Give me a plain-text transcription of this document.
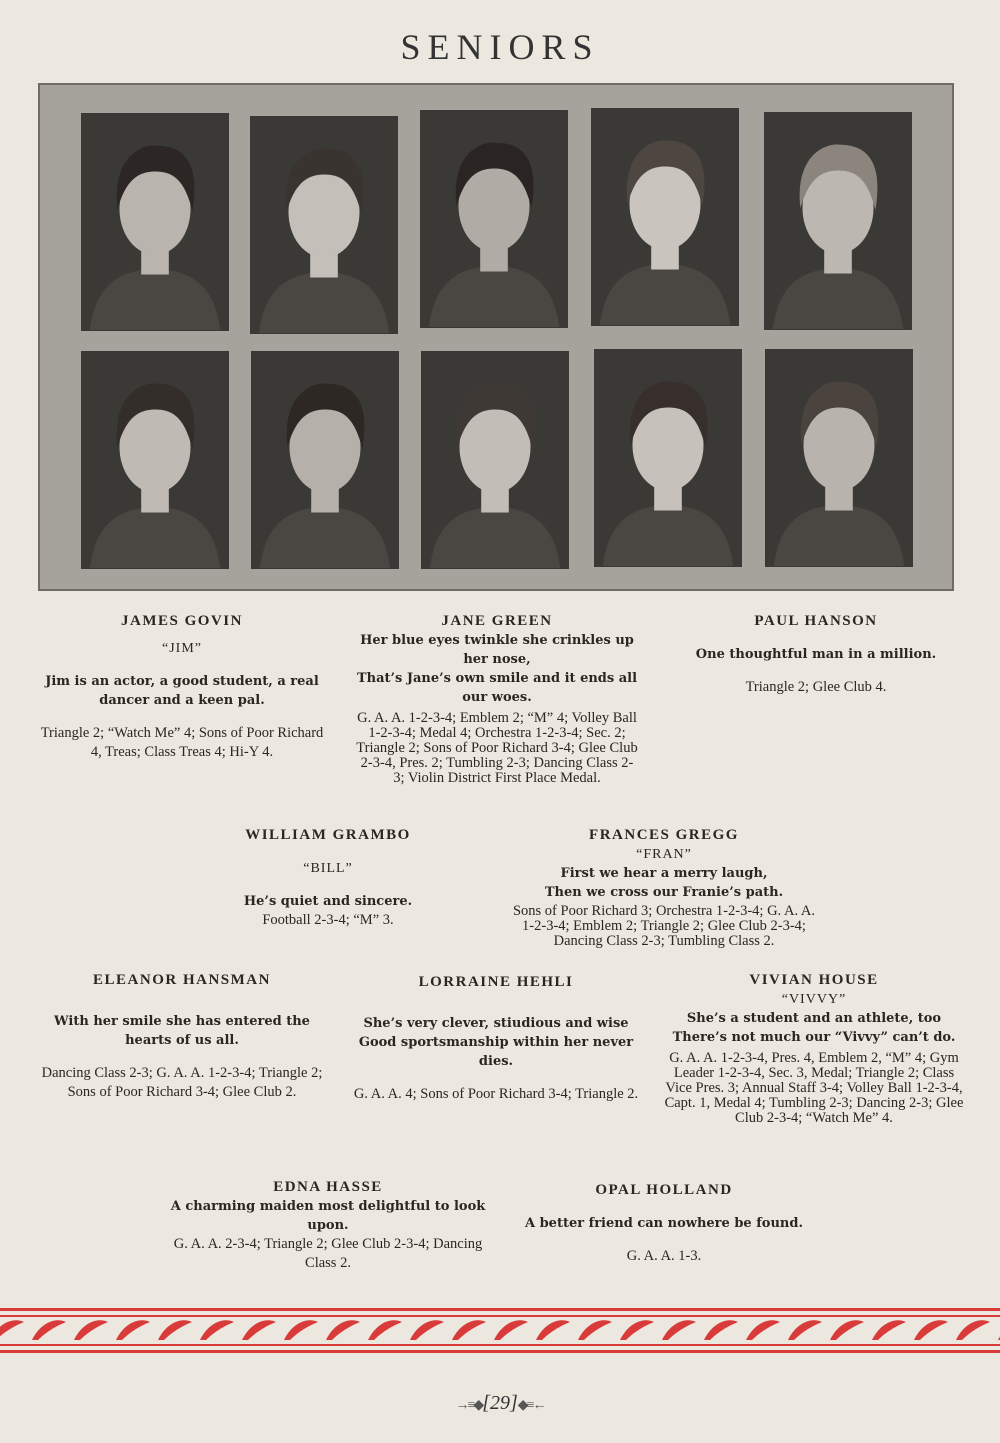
SENIORS
JAMES GOVIN
“JIM”
Jim is an actor, a good student, a real dancer and a keen pal.
Triangle 2; “Watch Me” 4; Sons of Poor Richard 4, Treas; Class Treas 4; Hi-Y 4.
JANE GREEN
Her blue eyes twinkle she crinkles up her nose,
That’s Jane’s own smile and it ends all our woes.
G. A. A. 1-2-3-4; Emblem 2; “M” 4; Volley Ball 1-2-3-4; Medal 4; Orchestra 1-2-3-4; Sec. 2; Triangle 2; Sons of Poor Richard 3-4; Glee Club 2-3-4, Pres. 2; Tumbling 2-3; Dancing Class 2-3; Violin District First Place Medal.
PAUL HANSON
One thoughtful man in a million.
Triangle 2; Glee Club 4.
WILLIAM GRAMBO
“BILL”
He’s quiet and sincere.
Football 2-3-4; “M” 3.
FRANCES GREGG
“FRAN”
First we hear a merry laugh,
Then we cross our Franie’s path.
Sons of Poor Richard 3; Orchestra 1-2-3-4; G. A. A. 1-2-3-4; Emblem 2; Triangle 2; Glee Club 2-3-4; Dancing Class 2-3; Tumbling Class 2.
ELEANOR HANSMAN
With her smile she has entered the hearts of us all.
Dancing Class 2-3; G. A. A. 1-2-3-4; Triangle 2; Sons of Poor Richard 3-4; Glee Club 2.
LORRAINE HEHLI
She’s very clever, stiudious and wise Good sportsmanship within her never dies.
G. A. A. 4; Sons of Poor Richard 3-4; Triangle 2.
VIVIAN HOUSE
“VIVVY”
She’s a student and an athlete, too There’s not much our “Vivvy” can’t do.
G. A. A. 1-2-3-4, Pres. 4, Emblem 2, “M” 4; Gym Leader 1-2-3-4, Sec. 3, Medal; Triangle 2; Class Vice Pres. 3; Annual Staff 3-4; Volley Ball 1-2-3-4, Capt. 1, Medal 4; Tumbling 2-3; Dancing 2-3; Glee Club 2-3-4; “Watch Me” 4.
EDNA HASSE
A charming maiden most delightful to look upon.
G. A. A. 2-3-4; Triangle 2; Glee Club 2-3-4; Dancing Class 2.
OPAL HOLLAND
A better friend can nowhere be found.
G. A. A. 1-3.
→≡◆[29]◆≡←
